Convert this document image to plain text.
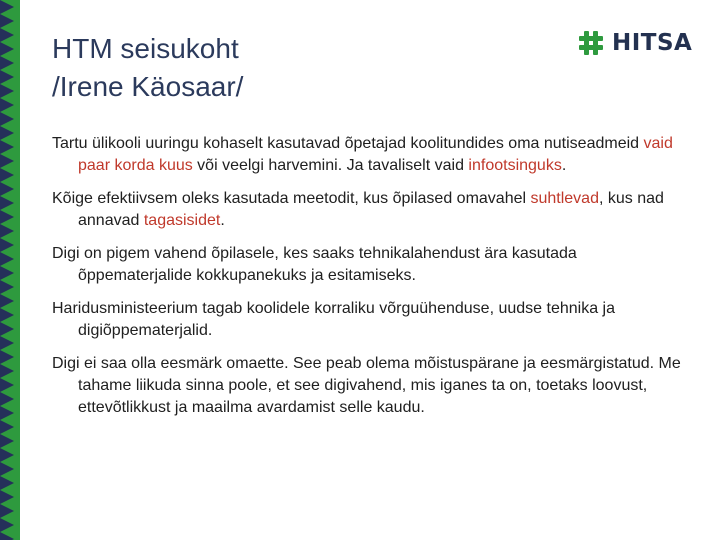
HTM seisukoht
/Irene Käosaar/
HITSA

Tartu ülikooli uuringu kohaselt kasutavad õpetajad koolitundides oma nutiseadmeid vaid paar korda kuus või veelgi harvemini. Ja tavaliselt vaid infootsinguks.

Kõige efektiivsem oleks kasutada meetodit, kus õpilased omavahel suhtlevad, kus nad annavad tagasisidet.

Digi on pigem vahend õpilasele, kes saaks tehnikalahendust ära kasutada õppematerjalide kokkupanekuks ja esitamiseks.

Haridusministeerium tagab koolidele korraliku võrguühenduse, uudse tehnika ja digiõppematerjalid.

Digi ei saa olla eesmärk omaette. See peab olema mõistuspärane ja eesmärgistatud. Me tahame liikuda sinna poole, et see digivahend, mis iganes ta on, toetaks loovust, ettevõtlikkust ja maailma avardamist selle kaudu.
